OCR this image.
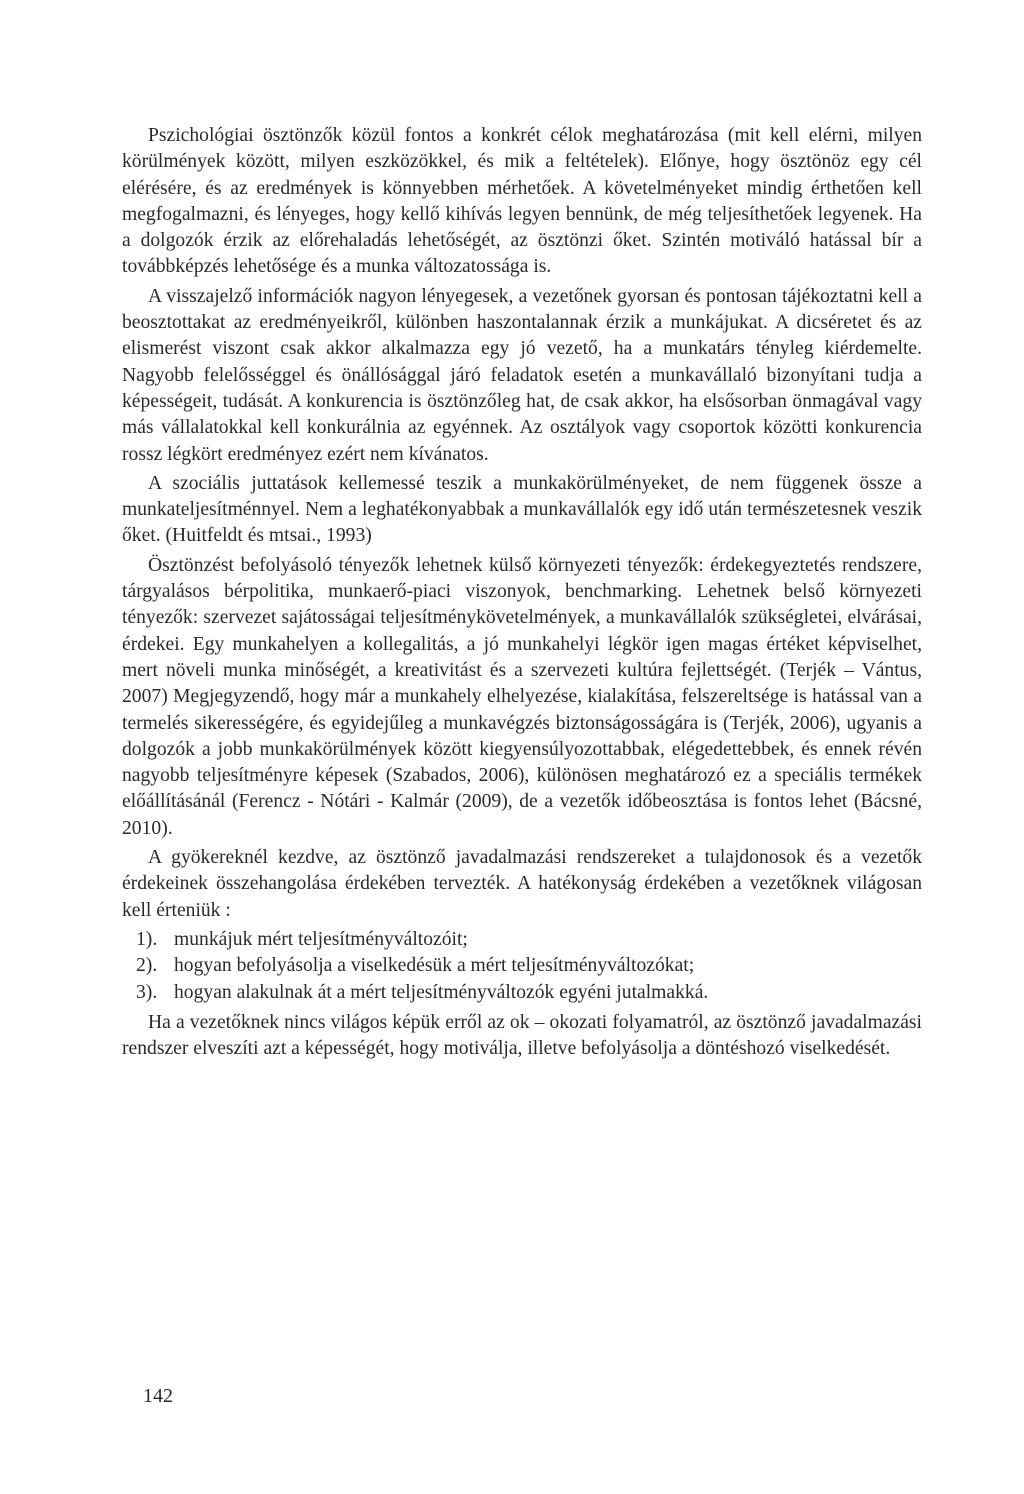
Pszichológiai ösztönzők közül fontos a konkrét célok meghatározása (mit kell elérni, milyen körülmények között, milyen eszközökkel, és mik a feltételek). Előnye, hogy ösztönöz egy cél elérésére, és az eredmények is könnyebben mérhetőek. A követelményeket mindig érthetően kell megfogalmazni, és lényeges, hogy kellő kihívás legyen bennünk, de még teljesíthetőek legyenek. Ha a dolgozók érzik az előrehaladás lehetőségét, az ösztönzi őket. Szintén motiváló hatással bír a továbbképzés lehetősége és a munka változatossága is.

A visszajelző információk nagyon lényegesek, a vezetőnek gyorsan és pontosan tájékoztatni kell a beosztottakat az eredményeikről, különben haszontalannak érzik a munkájukat. A dicséretet és az elismerést viszont csak akkor alkalmazza egy jó vezető, ha a munkatárs tényleg kiérdemelte. Nagyobb felelősséggel és önállósággal járó feladatok esetén a munkavállaló bizonyítani tudja a képességeit, tudását. A konkurencia is ösztönzőleg hat, de csak akkor, ha elsősorban önmagával vagy más vállalatokkal kell konkurálnia az egyénnek. Az osztályok vagy csoportok közötti konkurencia rossz légkört eredményez ezért nem kívánatos.

A szociális juttatások kellemessé teszik a munkakörülményeket, de nem függenek össze a munkateljesítménnyel. Nem a leghatékonyabbak a munkavállalók egy idő után természetesnek veszik őket. (Huitfeldt és mtsai., 1993)

Ösztönzést befolyásoló tényezők lehetnek külső környezeti tényezők: érdekegyeztetés rendszere, tárgyalásos bérpolitika, munkaerő-piaci viszonyok, benchmarking. Lehetnek belső környezeti tényezők: szervezet sajátosságai teljesítménykövetelmények, a munkavállalók szükségletei, elvárásai, érdekei. Egy munkahelyen a kollegalitás, a jó munkahelyi légkör igen magas értéket képviselhet, mert növeli munka minőségét, a kreativitást és a szervezeti kultúra fejlettségét. (Terjék – Vántus, 2007) Megjegyzendő, hogy már a munkahely elhelyezése, kialakítása, felszereltsége is hatással van a termelés sikerességére, és egyidejűleg a munkavégzés biztonságosságára is (Terjék, 2006), ugyanis a dolgozók a jobb munkakörülmények között kiegyensúlyozottabbak, elégedettebbek, és ennek révén nagyobb teljesítményre képesek (Szabados, 2006), különösen meghatározó ez a speciális termékek előállításánál (Ferencz - Nótári - Kalmár (2009), de a vezetők időbeosztása is fontos lehet (Bácsné, 2010).

A gyökereknél kezdve, az ösztönző javadalmazási rendszereket a tulajdonosok és a vezetők érdekeinek összehangolása érdekében tervezték. A hatékonyság érdekében a vezetőknek világosan kell érteniük :

1). munkájuk mért teljesítményváltozóit;
2). hogyan befolyásolja a viselkedésük a mért teljesítményváltozókat;
3). hogyan alakulnak át a mért teljesítményváltozók egyéni jutalmakká.

Ha a vezetőknek nincs világos képük erről az ok – okozati folyamatról, az ösztönző javadalmazási rendszer elveszíti azt a képességét, hogy motiválja, illetve befolyásolja a döntéshozó viselkedését.

142
